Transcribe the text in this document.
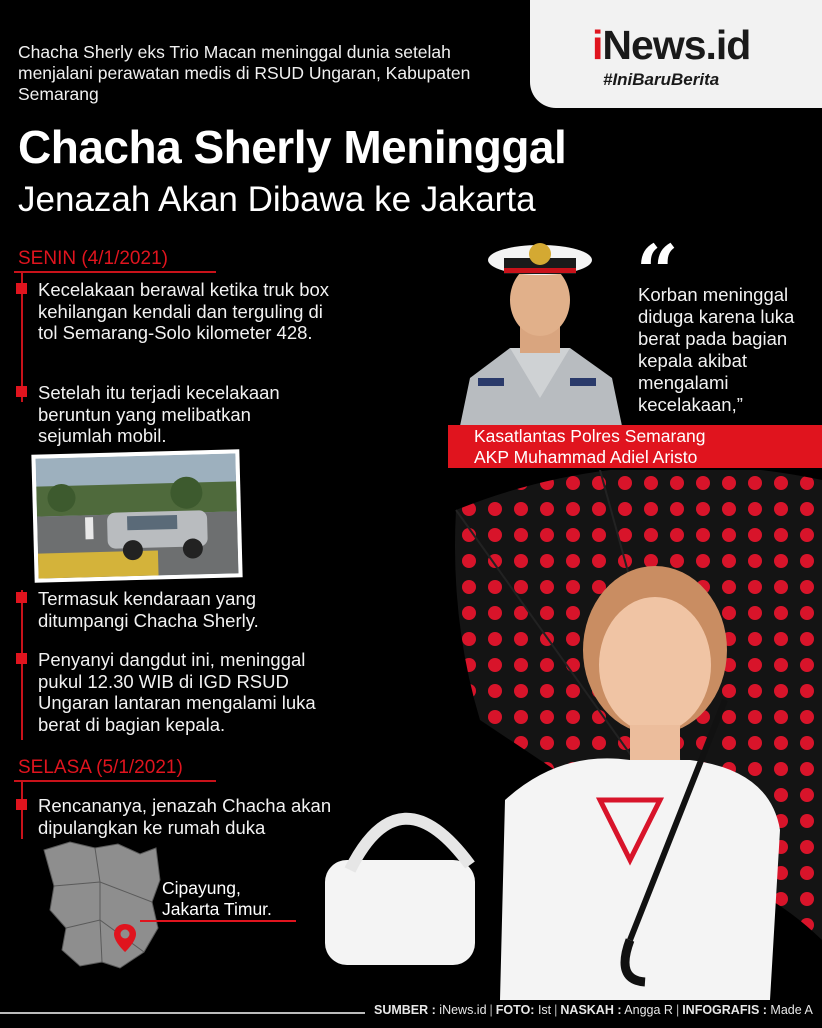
iNews.id
#IniBaruBerita
Chacha Sherly eks Trio Macan meninggal dunia setelah menjalani perawatan medis di RSUD Ungaran, Kabupaten Semarang
Chacha Sherly Meninggal
Jenazah Akan Dibawa ke Jakarta
SENIN (4/1/2021)
Kecelakaan berawal ketika truk box kehilangan kendali dan terguling di tol Semarang-Solo kilometer 428.
Setelah itu terjadi kecelakaan beruntun yang melibatkan sejumlah mobil.
Termasuk kendaraan yang ditumpangi Chacha Sherly.
Penyanyi dangdut ini, meninggal pukul 12.30 WIB di IGD RSUD Ungaran lantaran mengalami luka berat di bagian kepala.
SELASA (5/1/2021)
Rencananya, jenazah Chacha akan dipulangkan ke rumah duka
Cipayung,
Jakarta Timur.
“
Korban meninggal diduga karena luka berat pada bagian kepala akibat mengalami kecelakaan,”
Kasatlantas Polres Semarang
AKP Muhammad Adiel Aristo
SUMBER : iNews.id | FOTO: Ist | NASKAH : Angga R | INFOGRAFIS : Made A
